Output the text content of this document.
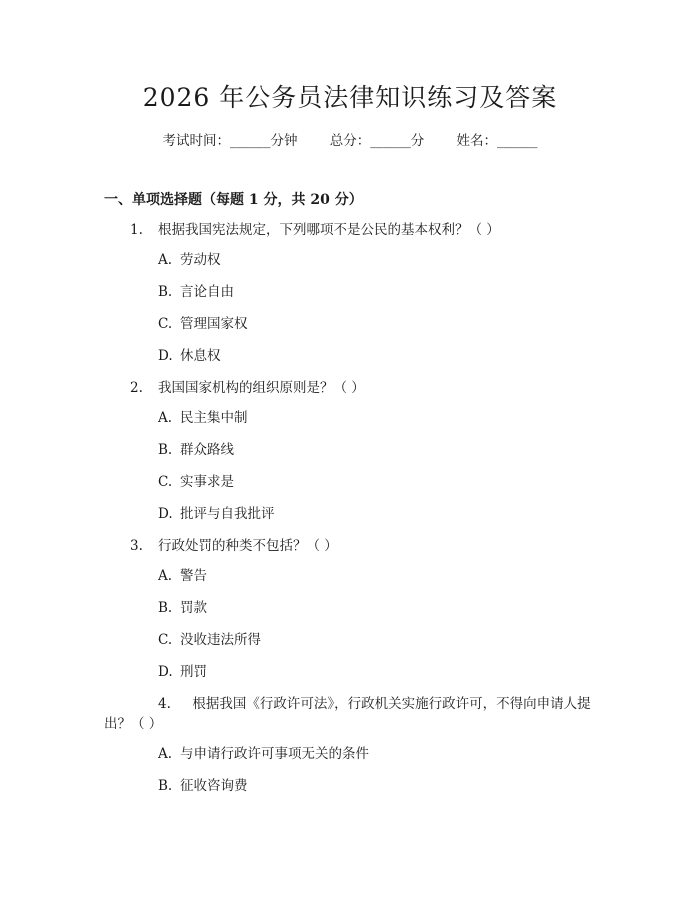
2026 年公务员法律知识练习及答案
考试时间：______分钟 总分：______分 姓名：______
一、单项选择题（每题 1 分，共 20 分）
1. 根据我国宪法规定，下列哪项不是公民的基本权利？（ ）
A. 劳动权
B. 言论自由
C. 管理国家权
D. 休息权
2. 我国国家机构的组织原则是？（ ）
A. 民主集中制
B. 群众路线
C. 实事求是
D. 批评与自我批评
3. 行政处罚的种类不包括？（ ）
A. 警告
B. 罚款
C. 没收违法所得
D. 刑罚
4. 根据我国《行政许可法》，行政机关实施行政许可，不得向申请人提出？（ ）
A. 与申请行政许可事项无关的条件
B. 征收咨询费
